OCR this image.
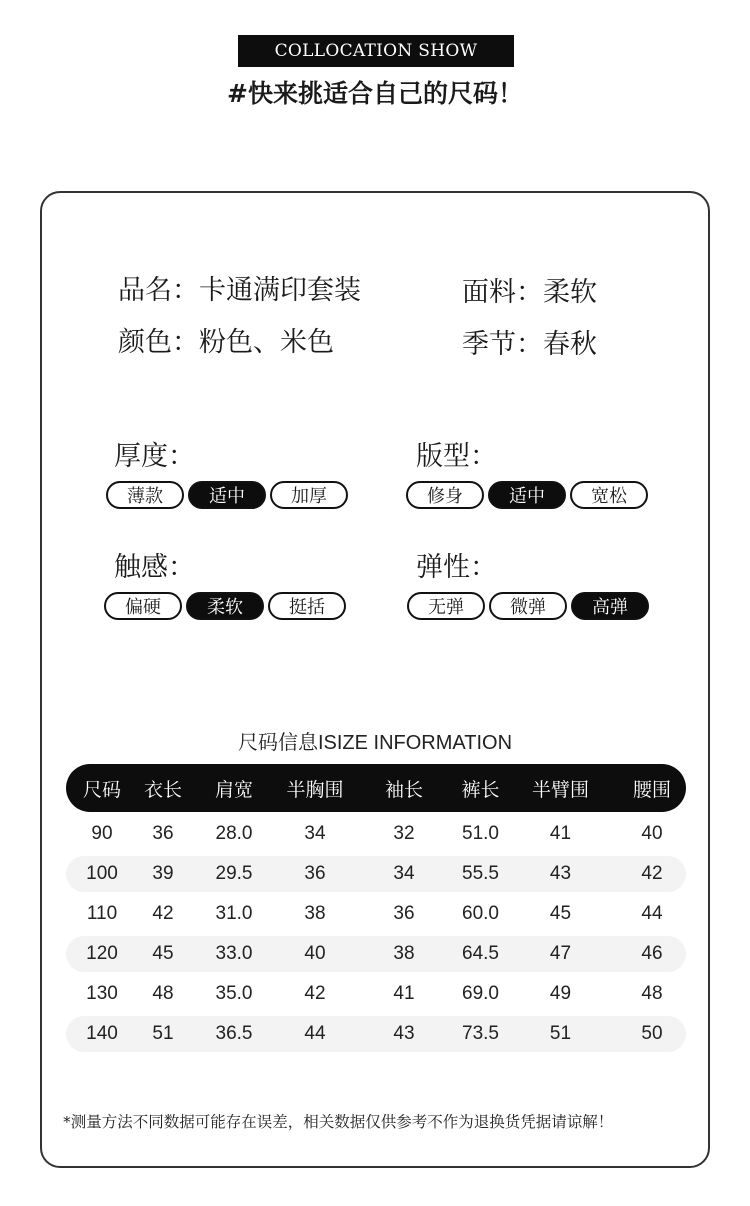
COLLOCATION SHOW
#快来挑适合自己的尺码！
品名：卡通满印套装	面料：柔软
颜色：粉色、米色	季节：春秋
厚度：
薄款	适中	加厚
版型：
修身	适中	宽松
触感：
偏硬	柔软	挺括
弹性：
无弹	微弹	高弹
尺码信息ISIZE INFORMATION
尺码	衣长	肩宽	半胸围	袖长	裤长	半臂围	腰围
90	36	28.0	34	32	51.0	41	40
100	39	29.5	36	34	55.5	43	42
110	42	31.0	38	36	60.0	45	44
120	45	33.0	40	38	64.5	47	46
130	48	35.0	42	41	69.0	49	48
140	51	36.5	44	43	73.5	51	50
*测量方法不同数据可能存在误差，相关数据仅供参考不作为退换货凭据请谅解！
